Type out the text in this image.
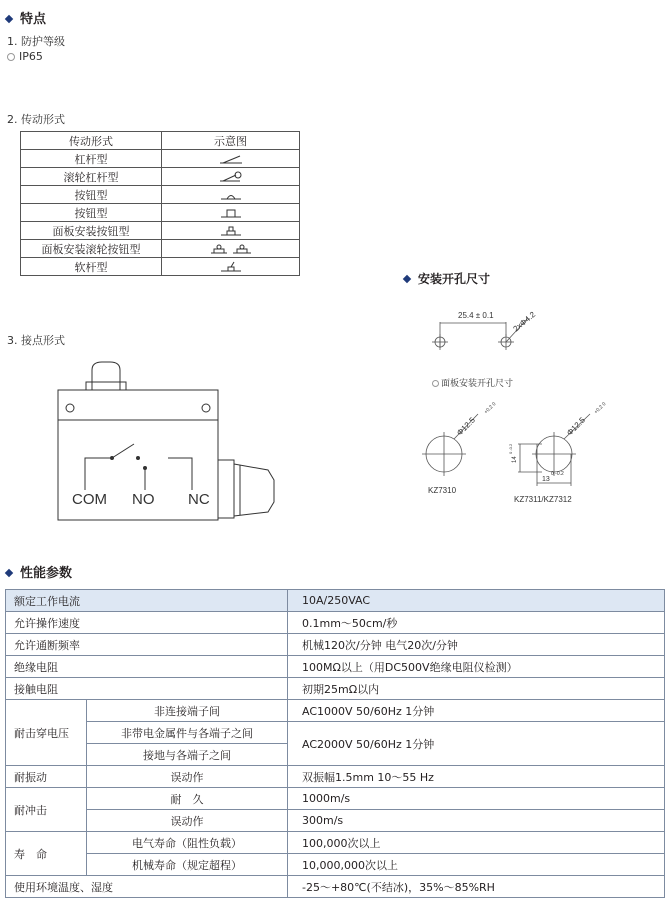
特点
1. 防护等级
IP65
2. 传动形式
传动形式	示意图
杠杆型	
滚轮杠杆型	
按钮型	
按钮型	
面板安装按钮型	
面板安装滚轮按钮型	
软杆型	
3. 接点形式
COM NO NC
安装开孔尺寸
25.4 ± 0.1 2xΦ4.2
Φ12.5
+0.2 0
Φ12.5
+0.2 0
13
0 -0.2
14
0 -0.2
KZ7310
KZ7311/KZ7312
面板安装开孔尺寸
性能参数
额定工作电流		10A/250VAC
允许操作速度		0.1mm～50cm/秒
允许通断频率		机械120次/分钟 电气20次/分钟
绝缘电阻		100MΩ以上（用DC500V绝缘电阻仪检测）
接触电阻		初期25mΩ以内
耐击穿电压	非连接端子间	AC1000V 50/60Hz 1分钟
	非带电金属件与各端子之间	AC2000V 50/60Hz 1分钟
	接地与各端子之间	
耐振动	误动作	双振幅1.5mm 10～55 Hz
耐冲击	耐　久	1000m/s
	误动作	300m/s
寿　命	电气寿命（阻性负载）	100,000次以上
	机械寿命（规定超程）	10,000,000次以上
使用环境温度、湿度		-25～+80℃(不结冰)，35%～85%RH
